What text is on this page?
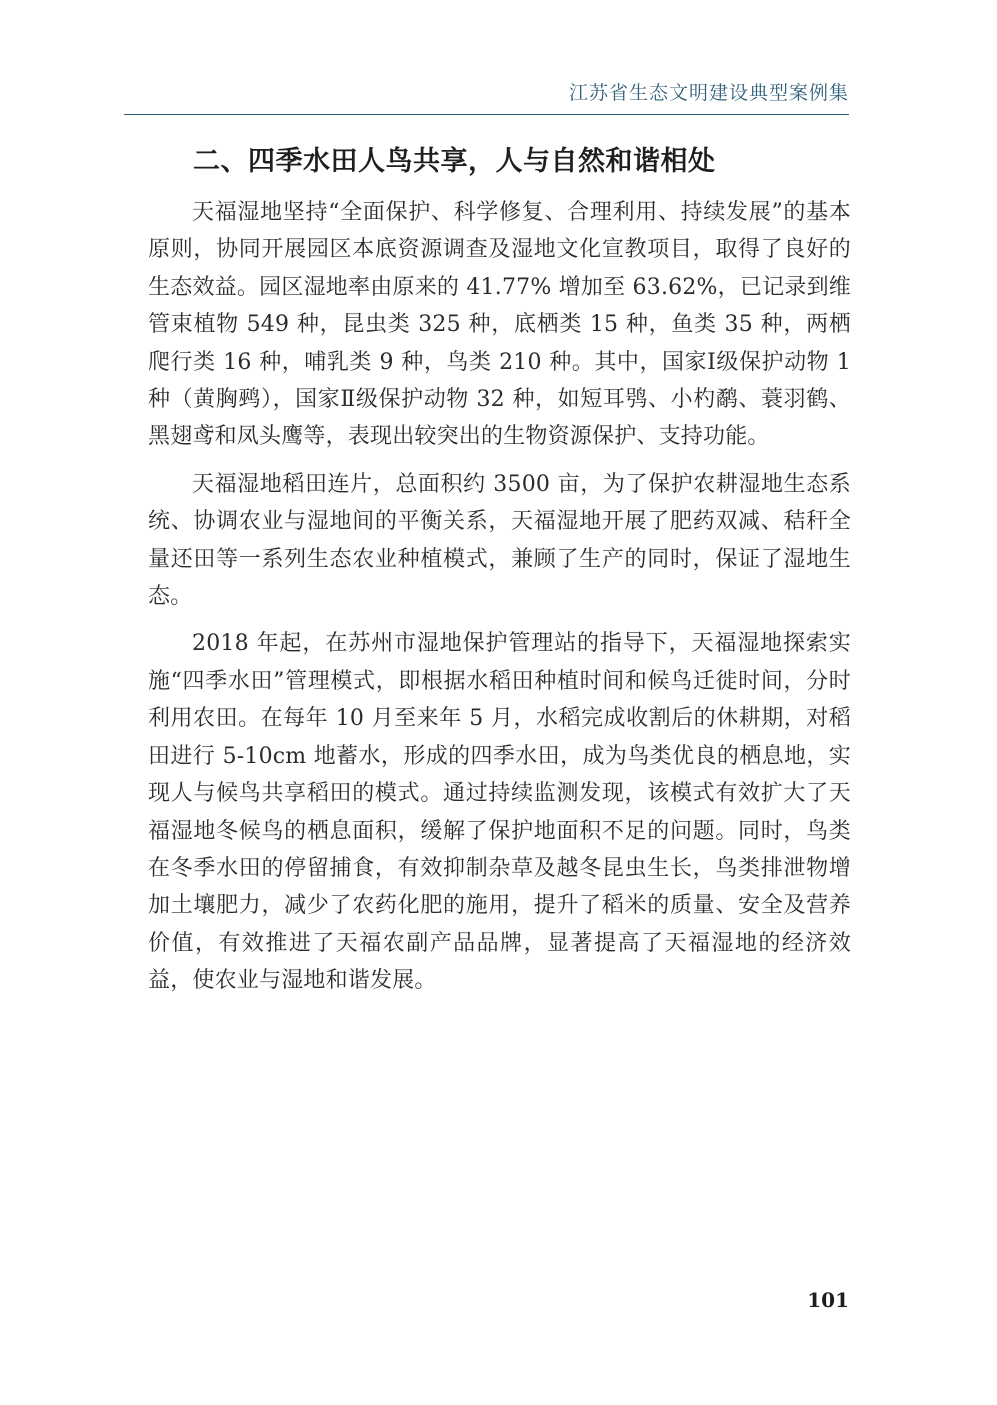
江苏省生态文明建设典型案例集
二、四季水田人鸟共享，人与自然和谐相处

天福湿地坚持“全面保护、科学修复、合理利用、持续发展”的基本原则，协同开展园区本底资源调查及湿地文化宣教项目，取得了良好的生态效益。园区湿地率由原来的 41.77% 增加至 63.62%，已记录到维管束植物 549 种，昆虫类 325 种，底栖类 15 种，鱼类 35 种，两栖爬行类 16 种，哺乳类 9 种，鸟类 210 种。其中，国家Ⅰ级保护动物 1 种（黄胸鹀），国家Ⅱ级保护动物 32 种，如短耳鸮、小杓鹬、蓑羽鹤、黑翅鸢和凤头鹰等，表现出较突出的生物资源保护、支持功能。

天福湿地稻田连片，总面积约 3500 亩，为了保护农耕湿地生态系统、协调农业与湿地间的平衡关系，天福湿地开展了肥药双减、秸秆全量还田等一系列生态农业种植模式，兼顾了生产的同时，保证了湿地生态。

2018 年起，在苏州市湿地保护管理站的指导下，天福湿地探索实施“四季水田”管理模式，即根据水稻田种植时间和候鸟迁徙时间，分时利用农田。在每年 10 月至来年 5 月，水稻完成收割后的休耕期，对稻田进行 5-10cm 地蓄水，形成的四季水田，成为鸟类优良的栖息地，实现人与候鸟共享稻田的模式。通过持续监测发现，该模式有效扩大了天福湿地冬候鸟的栖息面积，缓解了保护地面积不足的问题。同时，鸟类在冬季水田的停留捕食，有效抑制杂草及越冬昆虫生长，鸟类排泄物增加土壤肥力，减少了农药化肥的施用，提升了稻米的质量、安全及营养价值，有效推进了天福农副产品品牌，显著提高了天福湿地的经济效益，使农业与湿地和谐发展。

101
